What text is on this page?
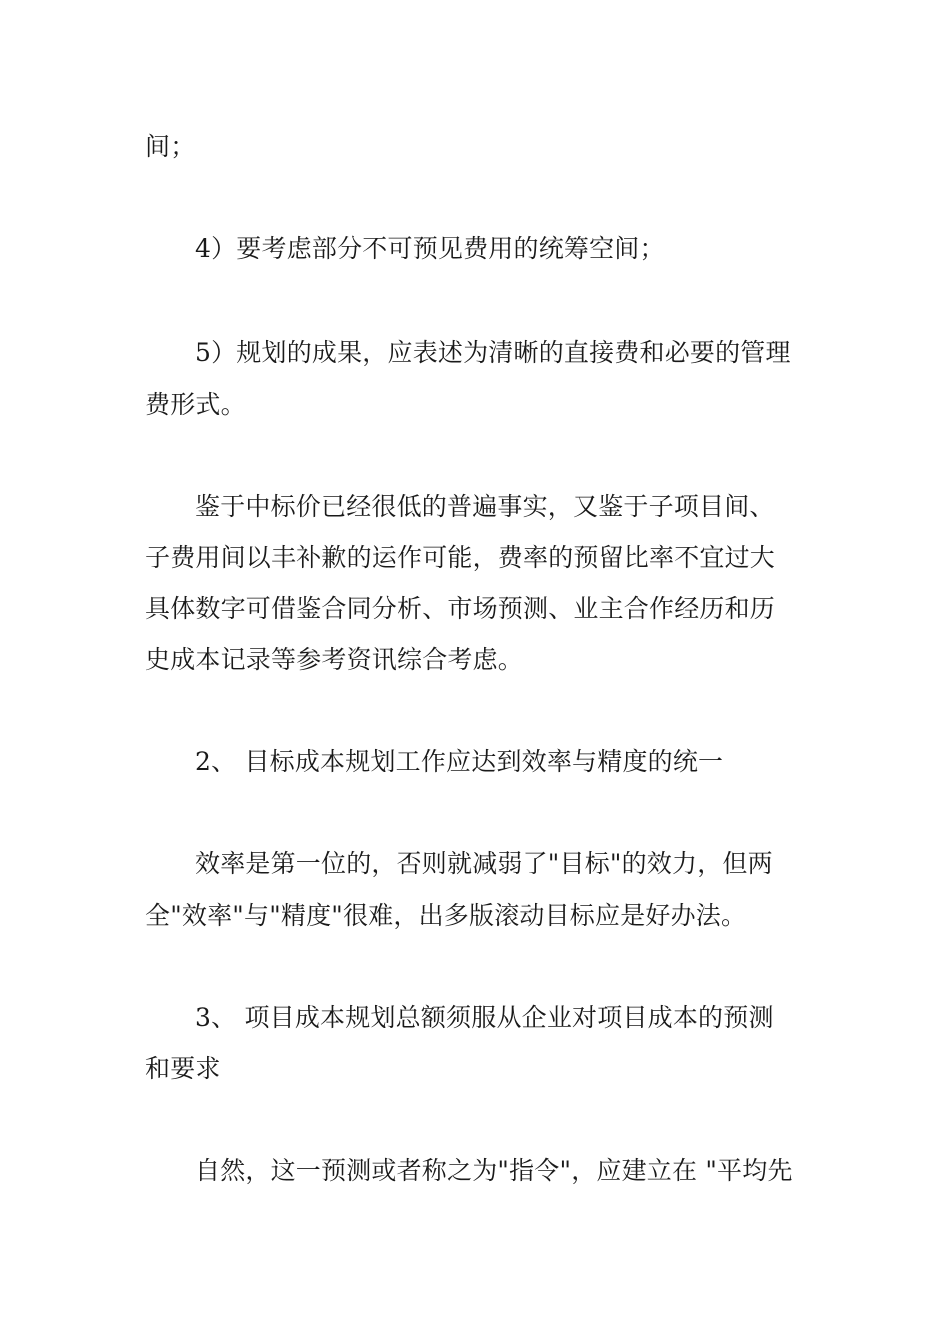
间；
4）要考虑部分不可预见费用的统筹空间；
5）规划的成果，应表述为清晰的直接费和必要的管理
费形式。
鉴于中标价已经很低的普遍事实，又鉴于子项目间、
子费用间以丰补歉的运作可能，费率的预留比率不宜过大
具体数字可借鉴合同分析、市场预测、业主合作经历和历
史成本记录等参考资讯综合考虑。
2、 目标成本规划工作应达到效率与精度的统一
效率是第一位的，否则就减弱了"目标"的效力，但两
全"效率"与"精度"很难，出多版滚动目标应是好办法。
3、 项目成本规划总额须服从企业对项目成本的预测
和要求
自然，这一预测或者称之为"指令"，应建立在 "平均先
